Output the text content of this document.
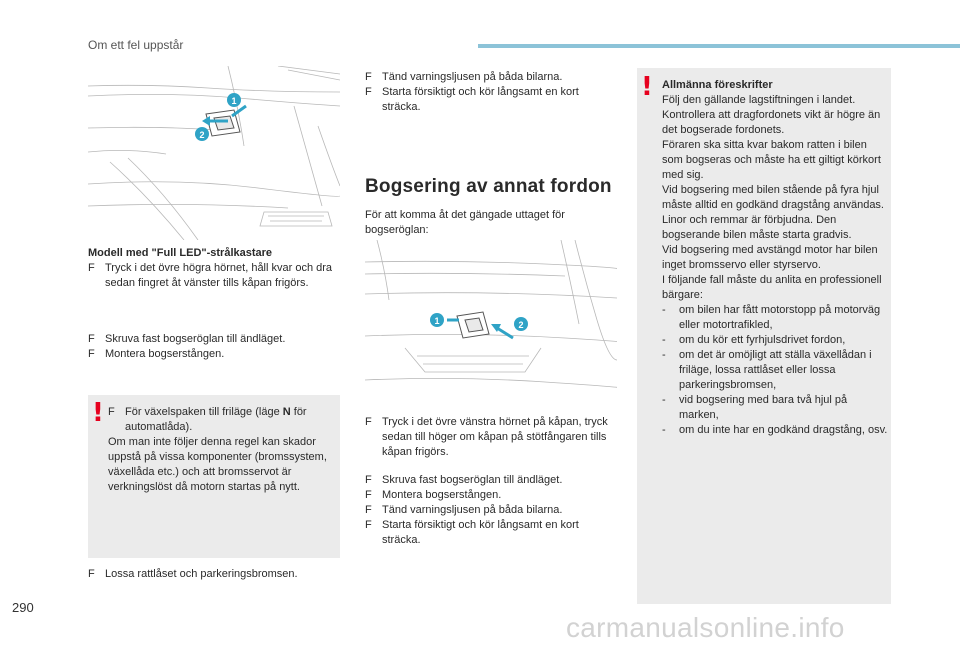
Om ett fel uppstår
1
2

Modell med "Full LED"-strålkastare

F Tryck i det övre högra hörnet, håll kvar och dra sedan fingret åt vänster tills kåpan frigörs.
F Skruva fast bogseröglan till ändläget.
F Montera bogserstången.
! F För växelspaken till friläge (läge N för automatlåda).

Om man inte följer denna regel kan skador uppstå på vissa komponenter (bromssystem, växellåda etc.) och att bromsservot är verkningslöst då motorn startas på nytt.

F Lossa rattlåset och parkeringsbromsen.
F Tänd varningsljusen på båda bilarna.
F Starta försiktigt och kör långsamt en kort sträcka.
Bogsering av annat fordon

För att komma åt det gängade uttaget för bogseröglan:

1	2
F Tryck i det övre vänstra hörnet på kåpan, tryck sedan till höger om kåpan på stötfångaren tills kåpan frigörs.
F Skruva fast bogseröglan till ändläget.
F Montera bogserstången.
F Tänd varningsljusen på båda bilarna.
F Starta försiktigt och kör långsamt en kort sträcka.
! Allmänna föreskrifter

Följ den gällande lagstiftningen i landet.

Kontrollera att dragfordonets vikt är högre än det bogserade fordonets.

Föraren ska sitta kvar bakom ratten i bilen som bogseras och måste ha ett giltigt körkort med sig.

Vid bogsering med bilen stående på fyra hjul måste alltid en godkänd dragstång användas. Linor och remmar är förbjudna. Den bogserande bilen måste starta gradvis.

Vid bogsering med avstängd motor har bilen inget bromsservo eller styrservo.

I följande fall måste du anlita en professionell bärgare:

- om bilen har fått motorstopp på motorväg eller motortrafikled,
- om du kör ett fyrhjulsdrivet fordon,
- om det är omöjligt att ställa växellådan i friläge, lossa rattlåset eller lossa parkeringsbromsen,
- vid bogsering med bara två hjul på marken,
- om du inte har en godkänd dragstång, osv.
290
carmanualsonline.info
